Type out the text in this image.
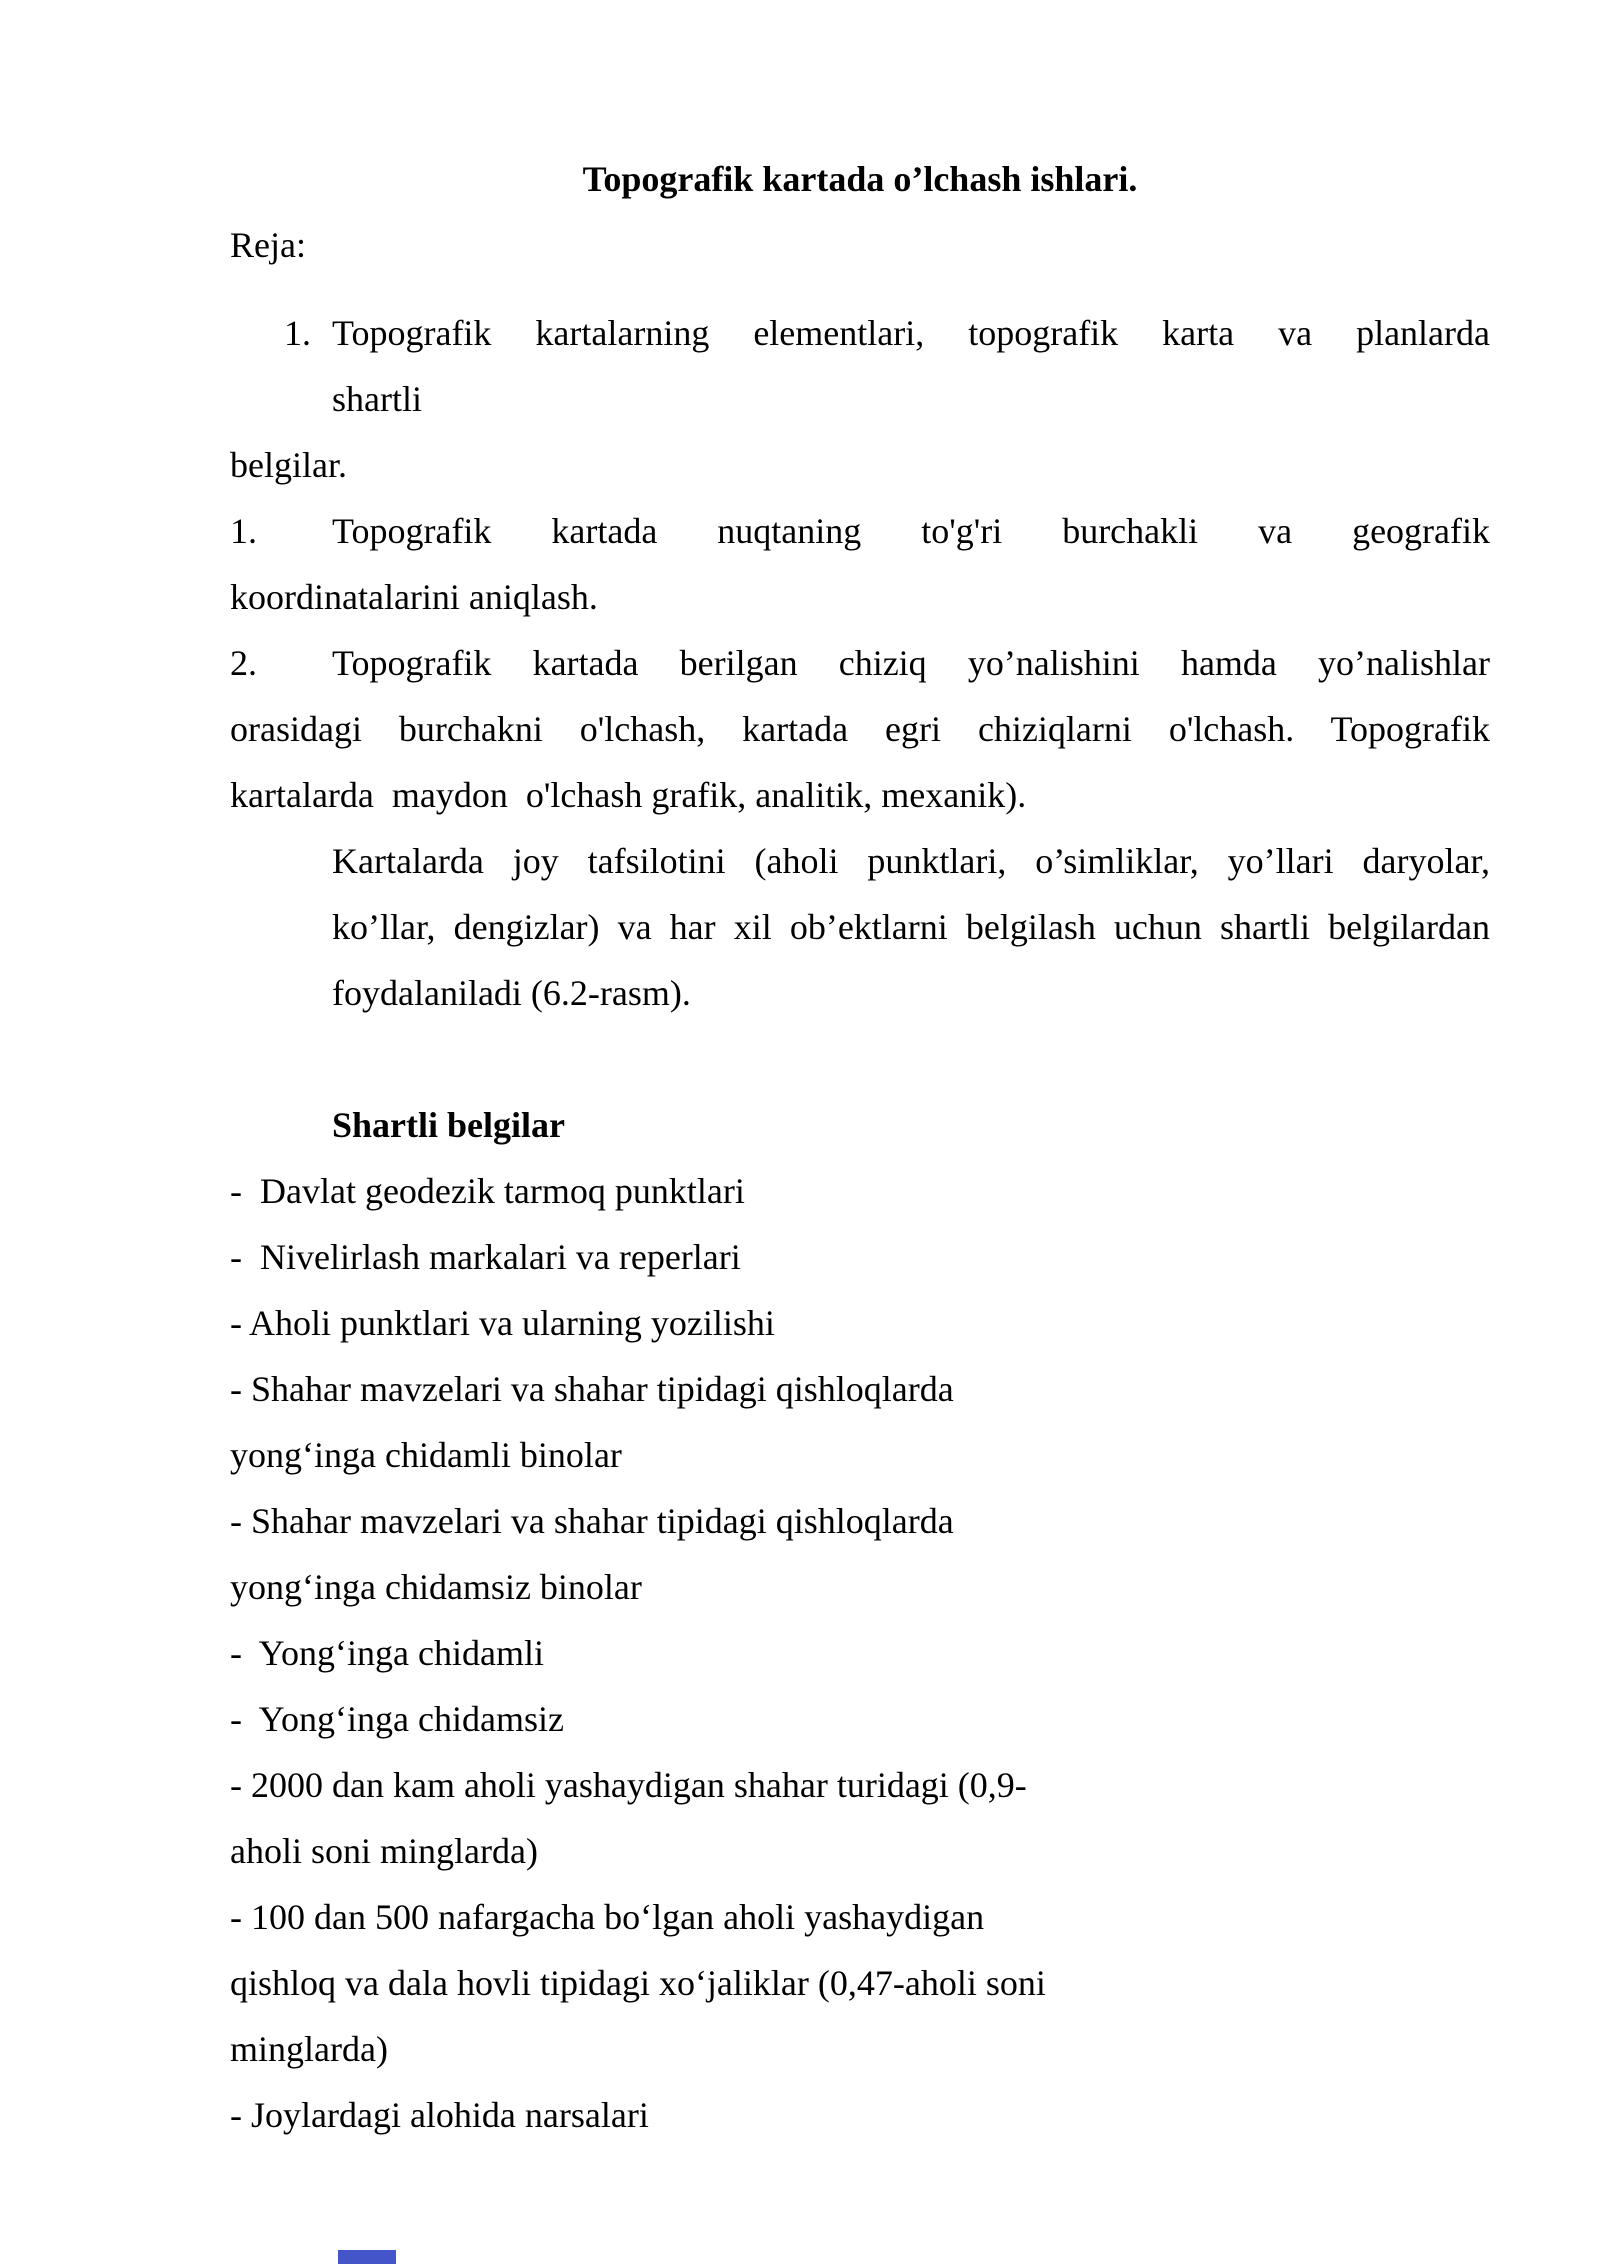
Topografik kartada o’lchash ishlari.

Reja:

1. Topografik kartalarning elementlari, topografik karta va planlarda

shartli

belgilar.

1.	Topografik kartada nuqtaning to'g'ri burchakli va geografik

koordinatalarini aniqlash.

2.	Topografik kartada berilgan chiziq yo’nalishini hamda yo’nalishlar

orasidagi burchakni o'lchash, kartada egri chiziqlarni o'lchash. Topografik

kartalarda  maydon  o'lchash grafik, analitik, mexanik).

Kartalarda joy tafsilotini (aholi punktlari, o’simliklar, yo’llari daryolar,

ko’llar, dengizlar) va har xil ob’ektlarni belgilash uchun shartli belgilardan

foydalaniladi (6.2-rasm).

Shartli belgilar

-  Davlat geodezik tarmoq punktlari

-  Nivelirlash markalari va reperlari

- Aholi punktlari va ularning yozilishi

- Shahar mavzelari va shahar tipidagi qishloqlarda

yong‘inga chidamli binolar

- Shahar mavzelari va shahar tipidagi qishloqlarda

yong‘inga chidamsiz binolar

-  Yong‘inga chidamli

-  Yong‘inga chidamsiz

- 2000 dan kam aholi yashaydigan shahar turidagi (0,9-

aholi soni minglarda)

- 100 dan 500 nafargacha bo‘lgan aholi yashaydigan

qishloq va dala hovli tipidagi xo‘jaliklar (0,47-aholi soni

minglarda)

- Joylardagi alohida narsalari
